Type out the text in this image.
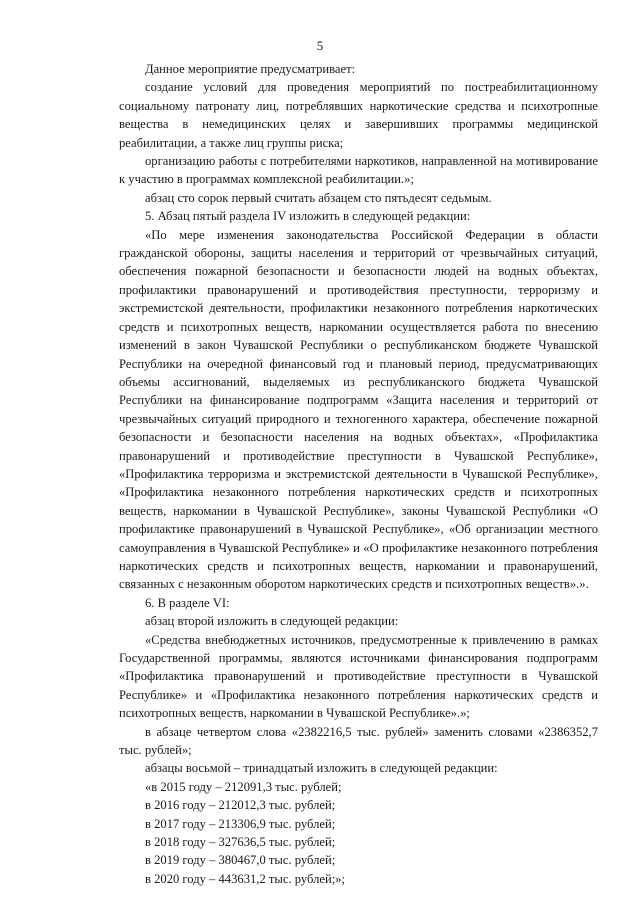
5

Данное мероприятие предусматривает:

создание условий для проведения мероприятий по постреабилитационному социальному патронату лиц, потреблявших наркотические средства и психотропные вещества в немедицинских целях и завершивших программы медицинской реабилитации, а также лиц группы риска;

организацию работы с потребителями наркотиков, направленной на мотивирование к участию в программах комплексной реабилитации.»;

абзац сто сорок первый считать абзацем сто пятьдесят седьмым.

5. Абзац пятый раздела IV изложить в следующей редакции:

«По мере изменения законодательства Российской Федерации в области гражданской обороны, защиты населения и территорий от чрезвычайных ситуаций, обеспечения пожарной безопасности и безопасности людей на водных объектах, профилактики правонарушений и противодействия преступности, терроризму и экстремистской деятельности, профилактики незаконного потребления наркотических средств и психотропных веществ, наркомании осуществляется работа по внесению изменений в закон Чувашской Республики о республиканском бюджете Чувашской Республики на очередной финансовый год и плановый период, предусматривающих объемы ассигнований, выделяемых из республиканского бюджета Чувашской Республики на финансирование подпрограмм «Защита населения и территорий от чрезвычайных ситуаций природного и техногенного характера, обеспечение пожарной безопасности и безопасности населения на водных объектах», «Профилактика правонарушений и противодействие преступности в Чувашской Республике», «Профилактика терроризма и экстремистской деятельности в Чувашской Республике», «Профилактика незаконного потребления наркотических средств и психотропных веществ, наркомании в Чувашской Республике», законы Чувашской Республики «О профилактике правонарушений в Чувашской Республике», «Об организации местного самоуправления в Чувашской Республике» и «О профилактике незаконного потребления наркотических средств и психотропных веществ, наркомании и правонарушений, связанных с незаконным оборотом наркотических средств и психотропных веществ».».

6. В разделе VI:

абзац второй изложить в следующей редакции:

«Средства внебюджетных источников, предусмотренные к привлечению в рамках Государственной программы, являются источниками финансирования подпрограмм «Профилактика правонарушений и противодействие преступности в Чувашской Республике» и «Профилактика незаконного потребления наркотических средств и психотропных веществ, наркомании в Чувашской Республике».»;

в абзаце четвертом слова «2382216,5 тыс. рублей» заменить словами «2386352,7 тыс. рублей»;

абзацы восьмой – тринадцатый изложить в следующей редакции:

«в 2015 году – 212091,3 тыс. рублей;

в 2016 году – 212012,3 тыс. рублей;

в 2017 году – 213306,9 тыс. рублей;

в 2018 году – 327636,5 тыс. рублей;

в 2019 году – 380467,0 тыс. рублей;

в 2020 году – 443631,2 тыс. рублей;»;
